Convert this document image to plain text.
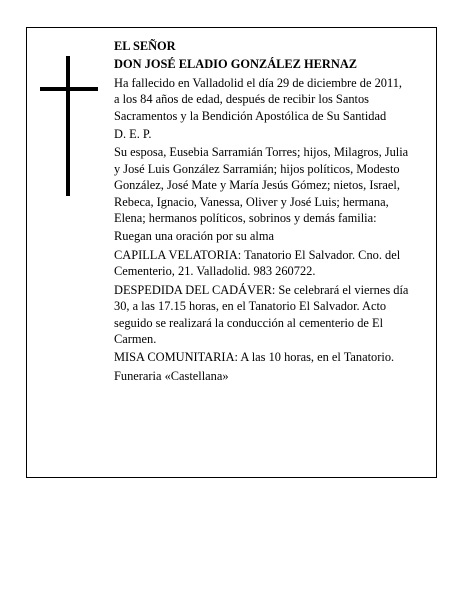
EL SEÑOR

DON JOSÉ ELADIO GONZÁLEZ HERNAZ

Ha fallecido en Valladolid el día 29 de diciembre de 2011, a los 84 años de edad, después de recibir los Santos Sacramentos y la Bendición Apostólica de Su Santidad

D. E. P.

Su esposa, Eusebia Sarramián Torres; hijos, Milagros, Julia y José Luis González Sarramián; hijos políticos, Modesto González, José Mate y María Jesús Gómez; nietos, Israel, Rebeca, Ignacio, Vanessa, Oliver y José Luis; hermana, Elena; hermanos políticos, sobrinos y demás familia:

Ruegan una oración por su alma

CAPILLA VELATORIA: Tanatorio El Salvador. Cno. del Cementerio, 21. Valladolid. 983 260722.

DESPEDIDA DEL CADÁVER: Se celebrará el viernes día 30, a las 17.15 horas, en el Tanatorio El Salvador. Acto seguido se realizará la conducción al cementerio de El Carmen.

MISA COMUNITARIA: A las 10 horas, en el Tanatorio.

Funeraria «Castellana»
